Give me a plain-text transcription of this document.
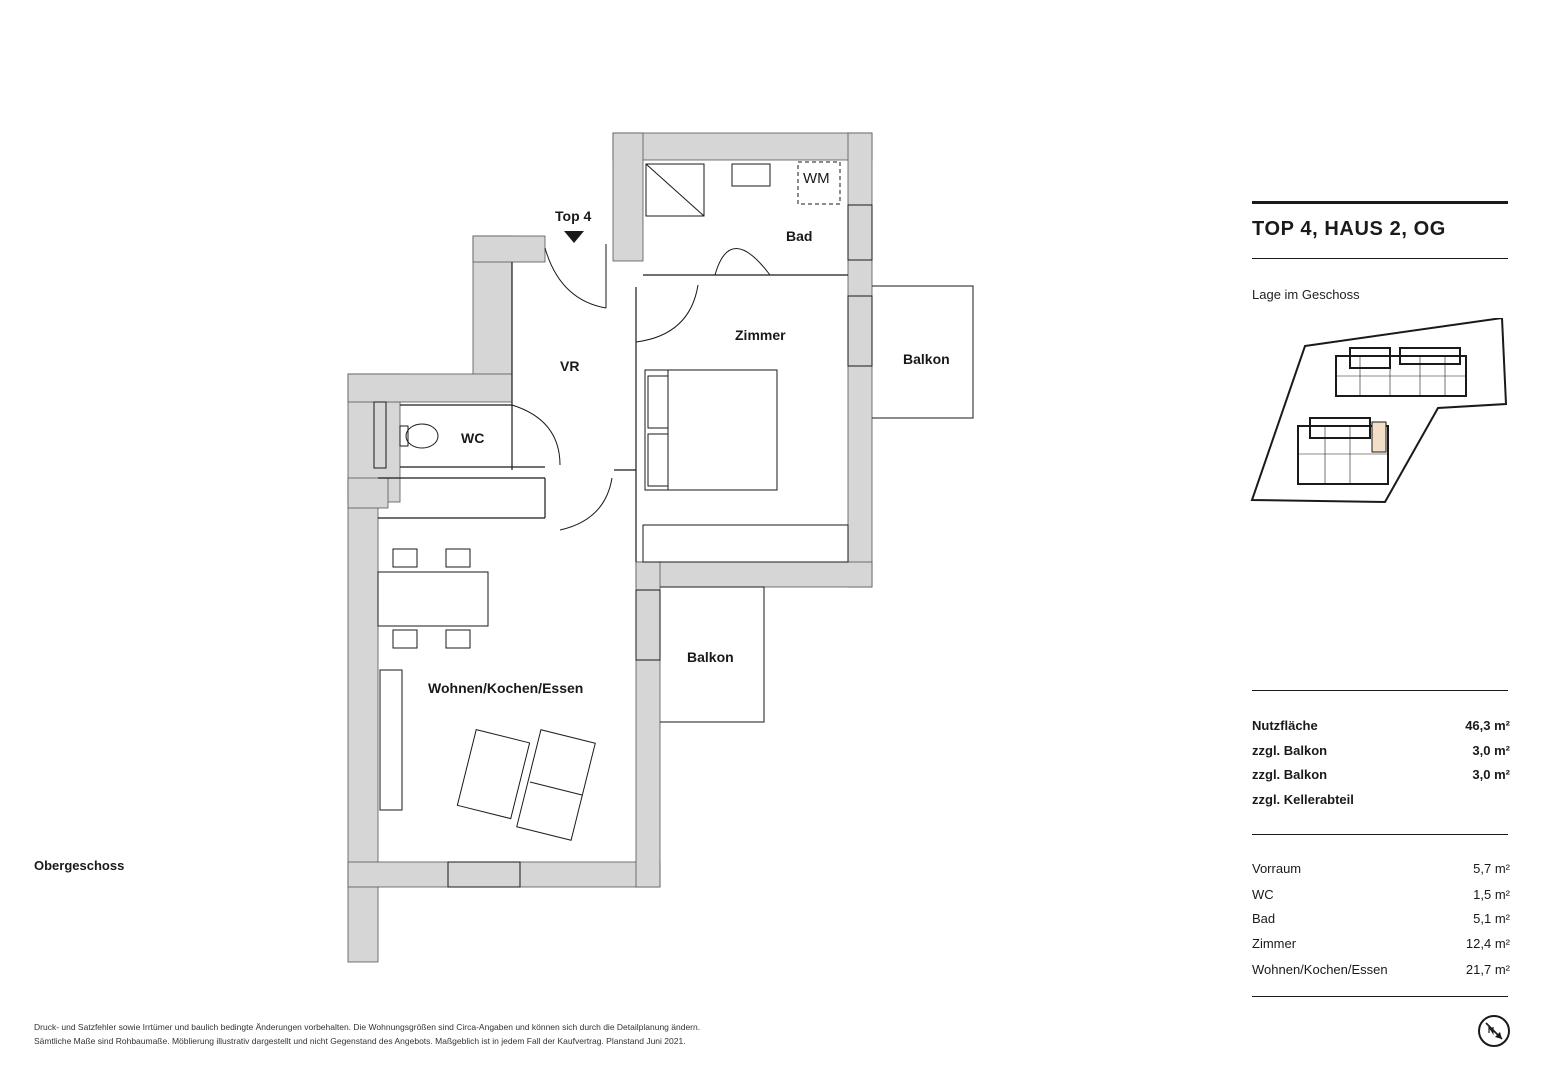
Bad
WM
Zimmer
Balkon
Balkon
VR
WC
Wohnen/Kochen/Essen
Top 4
Obergeschoss
Druck- und Satzfehler sowie Irrtümer und baulich bedingte Änderungen vorbehalten. Die Wohnungsgrößen sind Circa-Angaben und können sich durch die Detailplanung ändern.
Sämtliche Maße sind Rohbaumaße. Möblierung illustrativ dargestellt und nicht Gegenstand des Angebots. Maßgeblich ist in jedem Fall der Kaufvertrag. Planstand Juni 2021.
TOP 4, HAUS 2, OG
Lage im Geschoss
Nutzfläche	46,3 m²
zzgl. Balkon	3,0 m²
zzgl. Balkon	3,0 m²
zzgl. Kellerabteil
Vorraum	5,7 m²
WC	1,5 m²
Bad	5,1 m²
Zimmer	12,4 m²
Wohnen/Kochen/Essen	21,7 m²
